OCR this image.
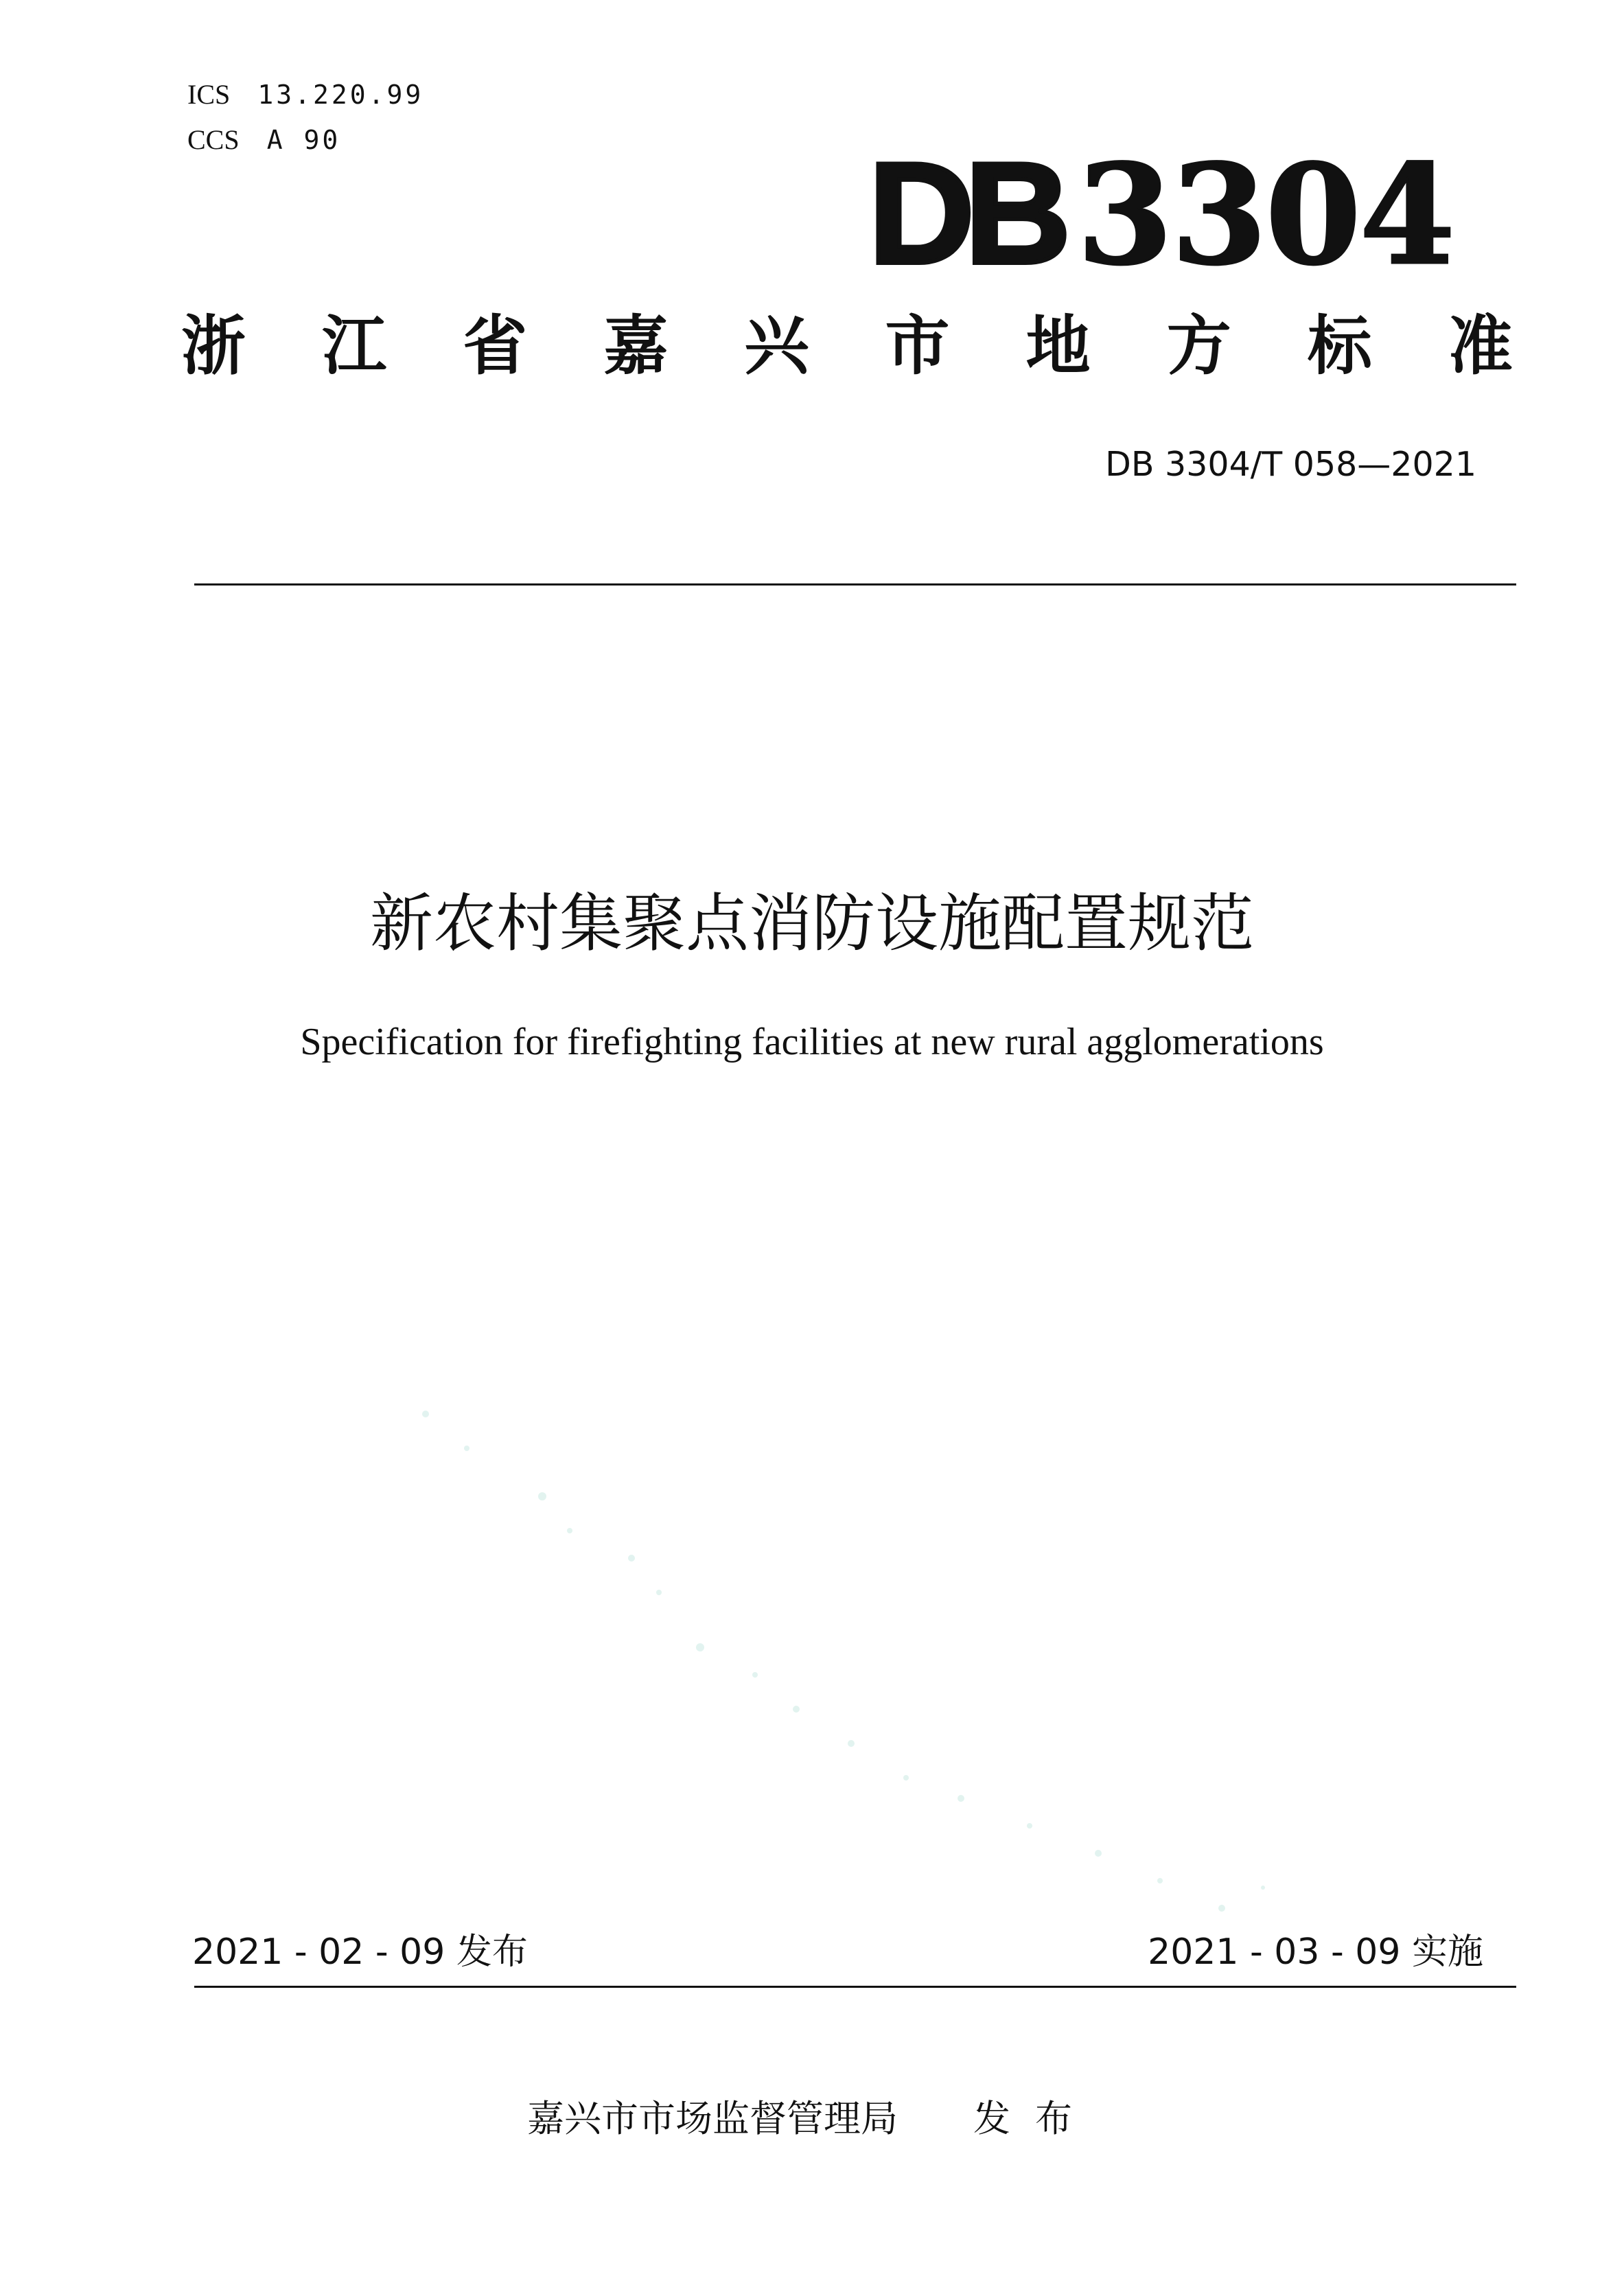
ICS 13.220.99
CCS A 90	DB 3304
浙 江 省 嘉 兴 市 地 方 标 准
DB 3304/T 058—2021
新农村集聚点消防设施配置规范
Specification for firefighting facilities at new rural agglomerations
2021 - 02 - 09 发布	2021 - 03 - 09 实施
嘉兴市市场监督管理局 发布
